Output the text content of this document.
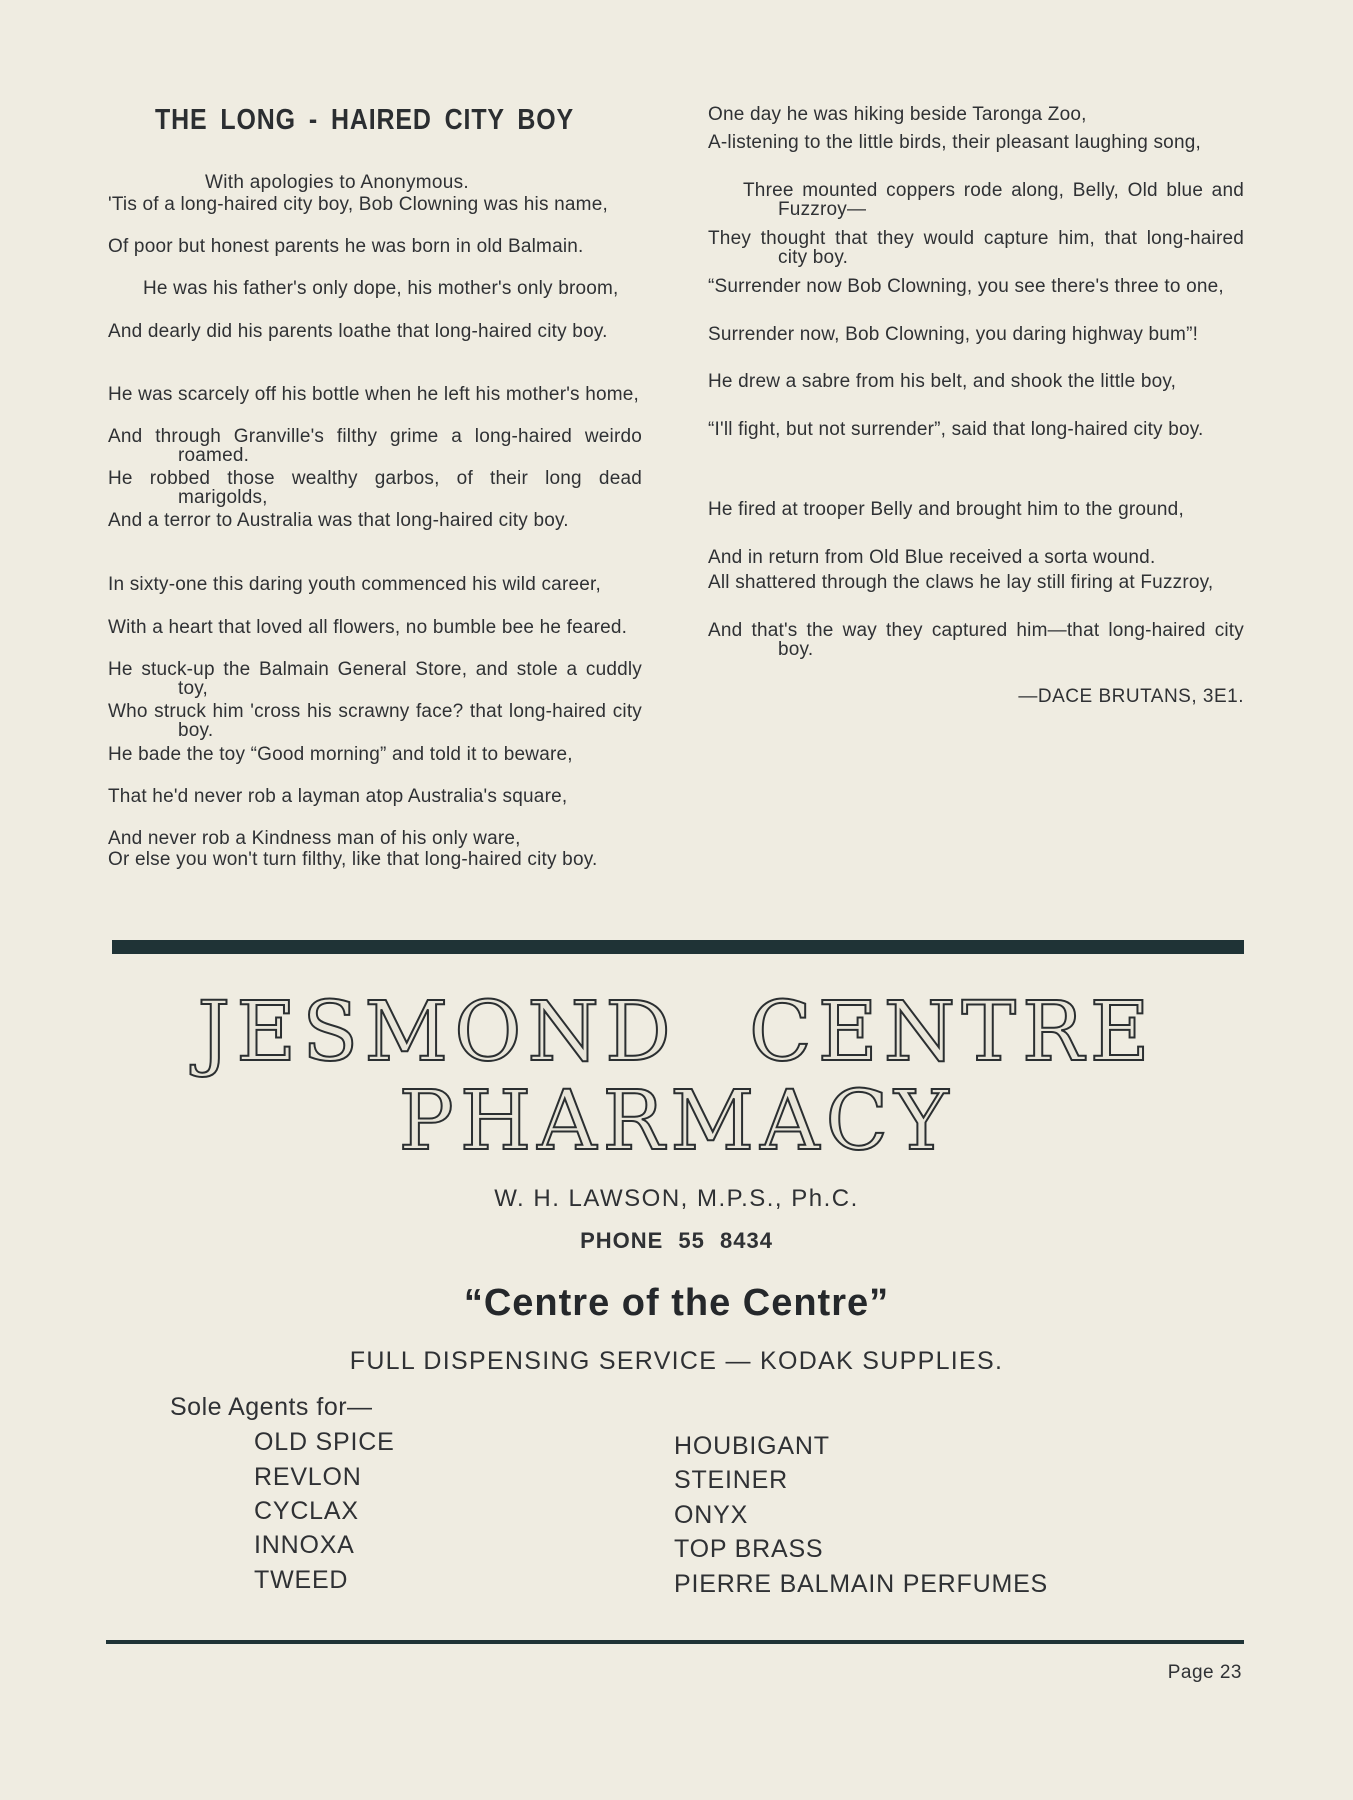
THE LONG - HAIRED CITY BOY
With apologies to Anonymous.
'Tis of a long-haired city boy, Bob Clowning was his name,
Of poor but honest parents he was born in old Balmain.
He was his father's only dope, his mother's only broom,
And dearly did his parents loathe that long-haired city boy.
He was scarcely off his bottle when he left his mother's home,
And through Granville's filthy grime a long-haired weirdo roamed.
He robbed those wealthy garbos, of their long dead marigolds,
And a terror to Australia was that long-haired city boy.
In sixty-one this daring youth commenced his wild career,
With a heart that loved all flowers, no bumble bee he feared.
He stuck-up the Balmain General Store, and stole a cuddly toy,
Who struck him 'cross his scrawny face? that long-haired city boy.
He bade the toy “Good morning” and told it to beware,
That he'd never rob a layman atop Australia's square,
And never rob a Kindness man of his only ware,
Or else you won't turn filthy, like that long-haired city boy.
One day he was hiking beside Taronga Zoo,
A-listening to the little birds, their pleasant laughing song,
Three mounted coppers rode along, Belly, Old blue and Fuzzroy—
They thought that they would capture him, that long-haired city boy.
“Surrender now Bob Clowning, you see there's three to one,
Surrender now, Bob Clowning, you daring highway bum”!
He drew a sabre from his belt, and shook the little boy,
“I'll fight, but not surrender”, said that long-haired city boy.
He fired at trooper Belly and brought him to the ground,
And in return from Old Blue received a sorta wound.
All shattered through the claws he lay still firing at Fuzzroy,
And that's the way they captured him—that long-haired city boy.
—DACE BRUTANS, 3E1.
JESMOND CENTRE
PHARMACY
W. H. LAWSON, M.P.S., Ph.C.
PHONE 55 8434
“Centre of the Centre”
FULL DISPENSING SERVICE — KODAK SUPPLIES.
Sole Agents for—
OLD SPICE
REVLON
CYCLAX
INNOXA
TWEED
HOUBIGANT
STEINER
ONYX
TOP BRASS
PIERRE BALMAIN PERFUMES
Page 23
